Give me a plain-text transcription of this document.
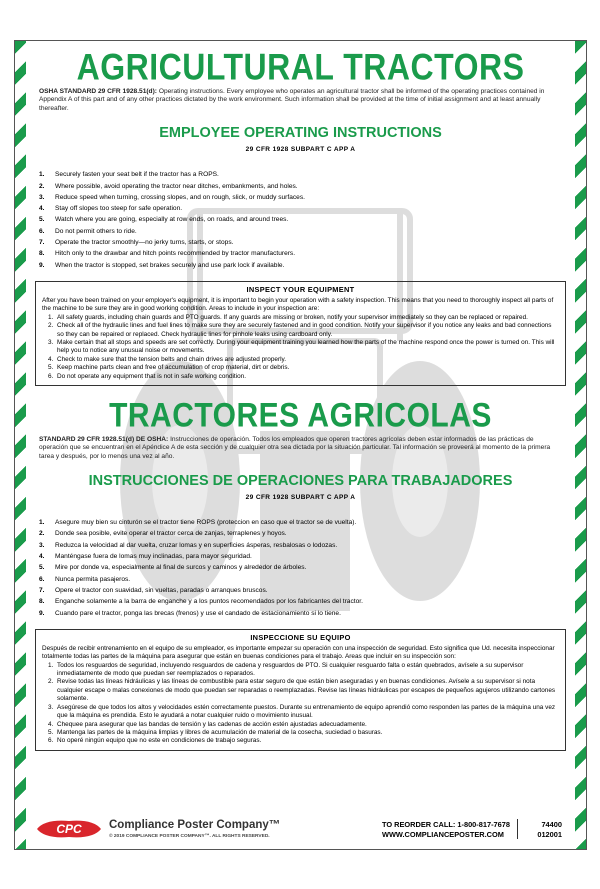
AGRICULTURAL TRACTORS
OSHA STANDARD 29 CFR 1928.51(d): Operating instructions. Every employee who operates an agricultural tractor shall be informed of the operating practices contained in Appendix A of this part and of any other practices dictated by the work environment. Such information shall be provided at the time of initial assignment and at least annually thereafter.
EMPLOYEE OPERATING INSTRUCTIONS
29 CFR 1928 SUBPART C APP A
1.	Securely fasten your seat belt if the tractor has a ROPS.
2.	Where possible, avoid operating the tractor near ditches, embankments, and holes.
3.	Reduce speed when turning, crossing slopes, and on rough, slick, or muddy surfaces.
4.	Stay off slopes too steep for safe operation.
5.	Watch where you are going, especially at row ends, on roads, and around trees.
6.	Do not permit others to ride.
7.	Operate the tractor smoothly—no jerky turns, starts, or stops.
8.	Hitch only to the drawbar and hitch points recommended by tractor manufacturers.
9.	When the tractor is stopped, set brakes securely and use park lock if available.
INSPECT YOUR EQUIPMENT
After you have been trained on your employer's equipment, it is important to begin your operation with a safety inspection. This means that you need to thoroughly inspect all parts of the machine to be sure they are in good working condition. Areas to include in your inspection are:
1. All safety guards, including chain guards and PTO guards. If any guards are missing or broken, notify your supervisor immediately so they can be replaced or repaired.
2. Check all of the hydraulic lines and fuel lines to make sure they are securely fastened and in good condition. Notify your supervisor if you notice any leaks and bad connections so they can be repaired or replaced. Check hydraulic lines for pinhole leaks using cardboard only.
3. Make certain that all stops and speeds are set correctly. During your equipment training you learned how the parts of the machine respond once the power is turned on. This will help you to notice any unusual noise or movements.
4. Check to make sure that the tension belts and chain drives are adjusted properly.
5. Keep machine parts clean and free of accumulation of crop material, dirt or debris.
6. Do not operate any equipment that is not in safe working condition.
TRACTORES AGRICOLAS
STANDARD 29 CFR 1928.51(d) DE OSHA: Instrucciones de operación. Todos los empleados que operen tractores agrícolas deben estar informados de las prácticas de operación que se encuentran en el Apéndice A de esta sección y de cualquier otra sea dictada por la situación particular. Tal información se proveerá al momento de la primera tarea y después, por lo menos una vez al año.
INSTRUCCIONES DE OPERACIONES PARA TRABAJADORES
29 CFR 1928 SUBPART C APP A
1.	Asegure muy bien su cinturón se el tractor tiene ROPS (proteccion en caso que el tractor se de vuelta).
2.	Donde sea posible, evite operar el tractor cerca de zanjas, terraplenes y hoyos.
3.	Reduzca la velocidad al dar vuelta, cruzar lomas y en superficies ásperas, resbalosas o lodozas.
4.	Manténgase fuera de lomas muy inclinadas, para mayor seguridad.
5.	Mire por donde va, especialmente al final de surcos y caminos y alrededor de árboles.
6.	Nunca permita pasajeros.
7.	Opere el tractor con suavidad, sin vueltas, paradas o arranques bruscos.
8.	Enganche solamente a la barra de enganche y a los puntos recomendados por los fabricantes del tractor.
9.	Cuando pare el tractor, ponga las brecas (frenos) y use el candado de estacionamiento si lo tiene.
INSPECCIONE SU EQUIPO
Después de recibir entrenamiento en el equipo de su empleador, es importante empezar su operación con una inspección de seguridad. Esto significa que Ud. necesita inspeccionar totalmente todas las partes de la máquina para asegurar que están en buenas condiciones para el trabajo. Areas que incluir en su inspección son:
1. Todos los resguardos de seguridad, incluyendo resguardos de cadena y resguardos de PTO. Si cualquier resguardo falta o están quebrados, avísele a su supervisor inmediatamente de modo que puedan ser reemplazados o reparados.
2. Revise todas las líneas hidráulicas y las líneas de combustible para estar seguro de que están bien aseguradas y en buenas condiciones. Avísele a su supervisor si nota cualquier escape o malas conexiones de modo que puedan ser reparadas o reemplazadas. Revise las líneas hidráulicas por escapes de pequeños agujeros utilizando cartones solamente.
3. Asegúrese de que todos los altos y velocidades estén correctamente puestos. Durante su entrenamiento de equipo aprendió como responden las partes de la máquina una vez que la máquina es prendida. Esto le ayudará a notar cualquier ruido o movimiento inusual.
4. Chequee para asegurar que las bandas de tensión y las cadenas de acción estén ajustadas adecuadamente.
5. Mantenga las partes de la máquina limpias y libres de acumulación de material de la cosecha, suciedad o basuras.
6. No operé ningún equipo que no este en condiciones de trabajo seguras.
CPC Compliance Poster Company™
© 2019 COMPLIANCE POSTER COMPANY™. ALL RIGHTS RESERVED.
TO REORDER CALL: 1-800-817-7678
WWW.COMPLIANCEPOSTER.COM
74400
012001
